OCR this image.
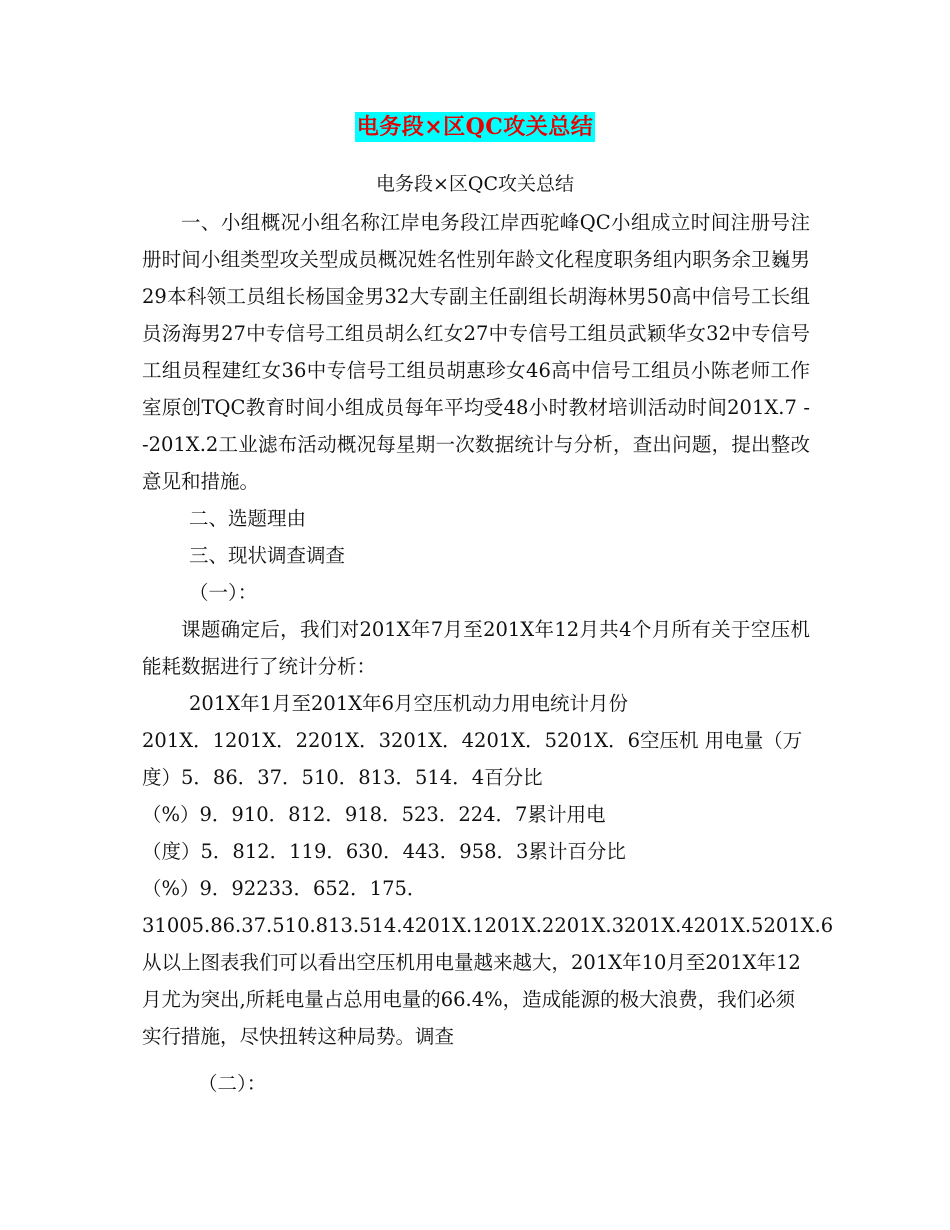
电务段×区QC攻关总结
电务段×区QC攻关总结

一、小组概况小组名称江岸电务段江岸西驼峰QC小组成立时间注册号注册时间小组类型攻关型成员概况姓名性别年龄文化程度职务组内职务余卫巍男29本科领工员组长杨国金男32大专副主任副组长胡海林男50高中信号工长组员汤海男27中专信号工组员胡么红女27中专信号工组员武颖华女32中专信号工组员程建红女36中专信号工组员胡惠珍女46高中信号工组员小陈老师工作室原创TQC教育时间小组成员每年平均受48小时教材培训活动时间201X.7 --201X.2工业滤布活动概况每星期一次数据统计与分析，查出问题，提出整改意见和措施。

二、选题理由

三、现状调查调查

（一）：

课题确定后，我们对201X年7月至201X年12月共4个月所有关于空压机能耗数据进行了统计分析：

201X年1月至201X年6月空压机动力用电统计月份

201X．1201X．2201X．3201X．4201X．5201X．6空压机 用电量（万度）5．86．37．510．813．514．4百分比

（%）9．910．812．918．523．224．7累计用电

（度）5．812．119．630．443．958．3累计百分比

（%）9．92233．652．175．31005.86.37.510.813.514.4201X.1201X.2201X.3201X.4201X.5201X.6从以上图表我们可以看出空压机用电量越来越大，201X年10月至201X年12月尤为突出,所耗电量占总用电量的66.4%，造成能源的极大浪费，我们必须实行措施，尽快扭转这种局势。调查

（二）：
